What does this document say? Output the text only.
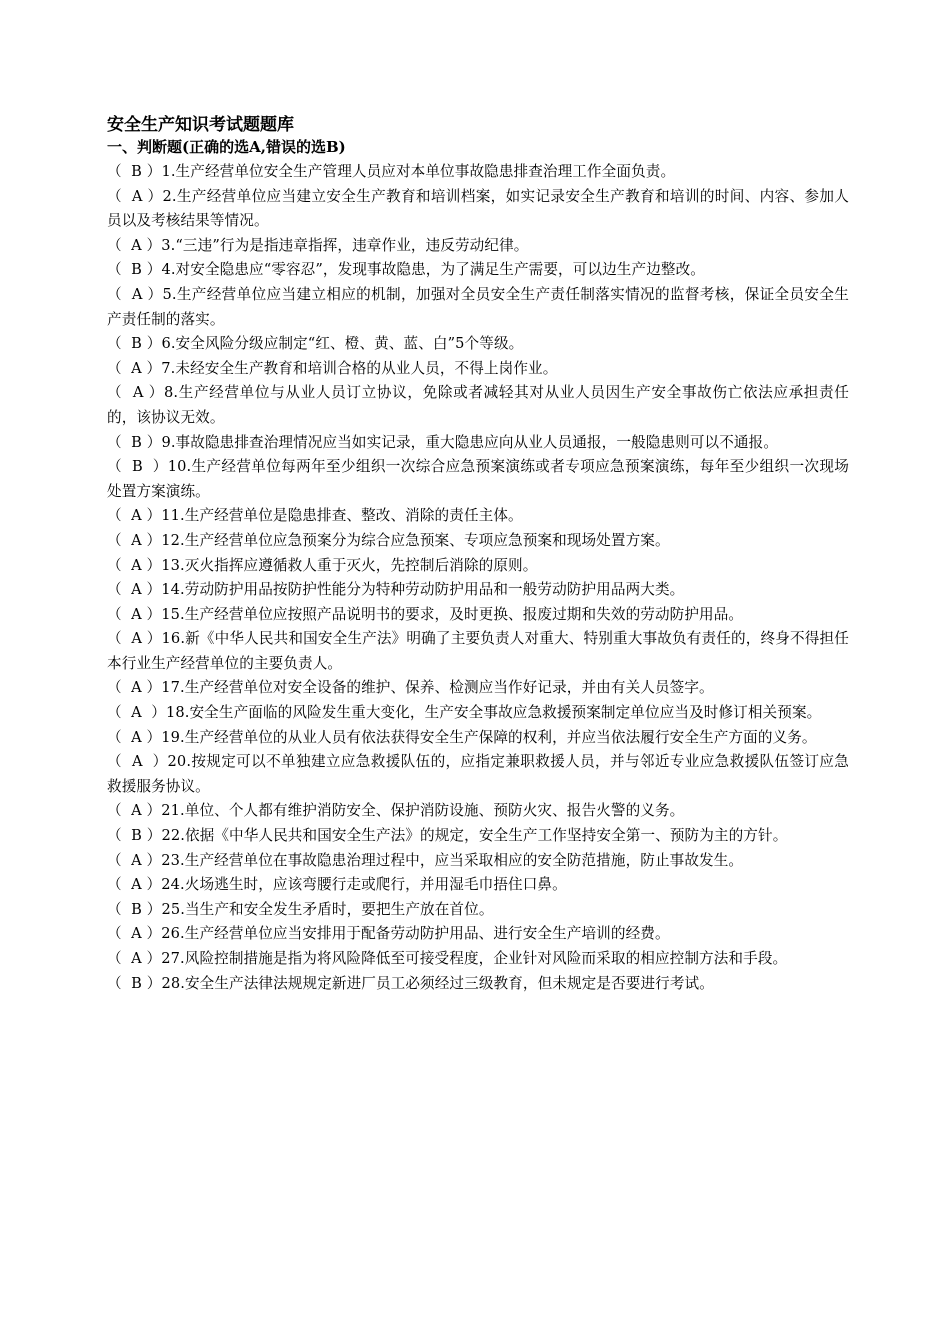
安全生产知识考试题题库
一、判断题(正确的选A,错误的选B)
（  B ）1.生产经营单位安全生产管理人员应对本单位事故隐患排查治理工作全面负责。
（  A ）2.生产经营单位应当建立安全生产教育和培训档案，如实记录安全生产教育和培训的时间、内容、参加人员以及考核结果等情况。
（  A ）3.“三违”行为是指违章指挥，违章作业，违反劳动纪律。
（  B ）4.对安全隐患应“零容忍”，发现事故隐患，为了满足生产需要，可以边生产边整改。
（  A ）5.生产经营单位应当建立相应的机制，加强对全员安全生产责任制落实情况的监督考核，保证全员安全生产责任制的落实。
（  B ）6.安全风险分级应制定“红、橙、黄、蓝、白”5个等级。
（  A ）7.未经安全生产教育和培训合格的从业人员，不得上岗作业。
（  A ）8.生产经营单位与从业人员订立协议，免除或者减轻其对从业人员因生产安全事故伤亡依法应承担责任的，该协议无效。
（  B ）9.事故隐患排查治理情况应当如实记录，重大隐患应向从业人员通报，一般隐患则可以不通报。
（  B  ）10.生产经营单位每两年至少组织一次综合应急预案演练或者专项应急预案演练，每年至少组织一次现场处置方案演练。
（  A ）11.生产经营单位是隐患排查、整改、消除的责任主体。
（  A ）12.生产经营单位应急预案分为综合应急预案、专项应急预案和现场处置方案。
（  A ）13.灭火指挥应遵循救人重于灭火，先控制后消除的原则。
（  A ）14.劳动防护用品按防护性能分为特种劳动防护用品和一般劳动防护用品两大类。
（  A ）15.生产经营单位应按照产品说明书的要求，及时更换、报废过期和失效的劳动防护用品。
（  A ）16.新《中华人民共和国安全生产法》明确了主要负责人对重大、特别重大事故负有责任的，终身不得担任本行业生产经营单位的主要负责人。
（  A ）17.生产经营单位对安全设备的维护、保养、检测应当作好记录，并由有关人员签字。
（  A  ）18.安全生产面临的风险发生重大变化，生产安全事故应急救援预案制定单位应当及时修订相关预案。
（  A ）19.生产经营单位的从业人员有依法获得安全生产保障的权利，并应当依法履行安全生产方面的义务。
（  A  ）20.按规定可以不单独建立应急救援队伍的，应指定兼职救援人员，并与邻近专业应急救援队伍签订应急救援服务协议。
（  A ）21.单位、个人都有维护消防安全、保护消防设施、预防火灾、报告火警的义务。
（  B ）22.依据《中华人民共和国安全生产法》的规定，安全生产工作坚持安全第一、预防为主的方针。
（  A ）23.生产经营单位在事故隐患治理过程中，应当采取相应的安全防范措施，防止事故发生。
（  A ）24.火场逃生时，应该弯腰行走或爬行，并用湿毛巾捂住口鼻。
（  B ）25.当生产和安全发生矛盾时，要把生产放在首位。
（  A ）26.生产经营单位应当安排用于配备劳动防护用品、进行安全生产培训的经费。
（  A ）27.风险控制措施是指为将风险降低至可接受程度，企业针对风险而采取的相应控制方法和手段。
（  B ）28.安全生产法律法规规定新进厂员工必须经过三级教育，但未规定是否要进行考试。
